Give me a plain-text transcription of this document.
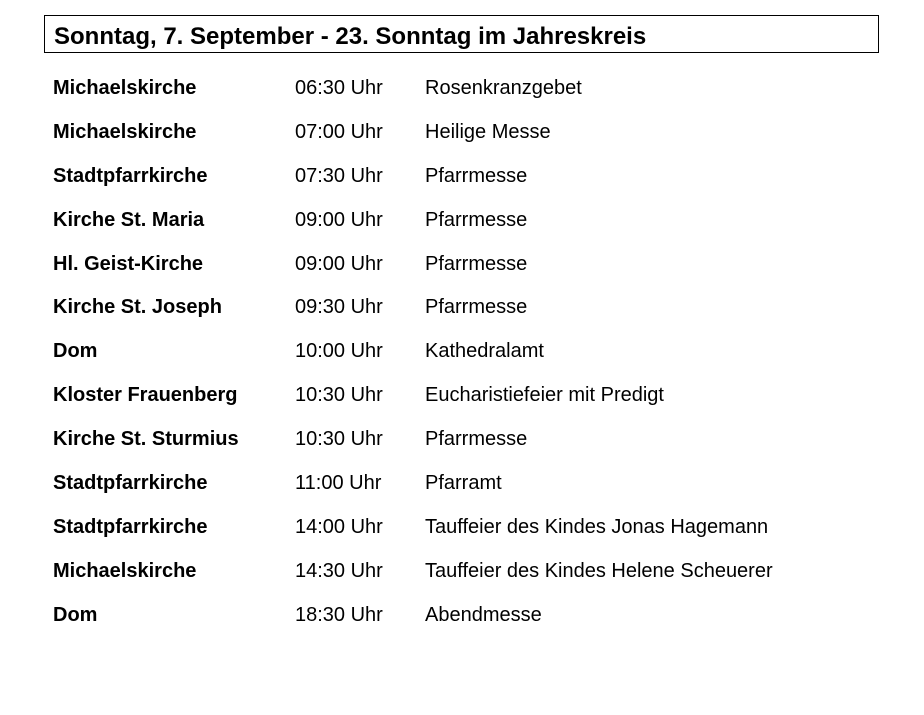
Sonntag, 7. September - 23. Sonntag im Jahreskreis
Michaelskirche	06:30 Uhr Rosenkranzgebet
Michaelskirche	07:00 Uhr Heilige Messe
Stadtpfarrkirche	07:30 Uhr Pfarrmesse
Kirche St. Maria	09:00 Uhr Pfarrmesse
Hl. Geist-Kirche	09:00 Uhr Pfarrmesse
Kirche St. Joseph	09:30 Uhr Pfarrmesse
Dom	10:00 Uhr Kathedralamt
Kloster Frauenberg	10:30 Uhr Eucharistiefeier mit Predigt
Kirche St. Sturmius	10:30 Uhr Pfarrmesse
Stadtpfarrkirche	11:00 Uhr Pfarramt
Stadtpfarrkirche	14:00 Uhr Tauffeier des Kindes Jonas Hagemann
Michaelskirche	14:30 Uhr Tauffeier des Kindes Helene Scheuerer
Dom	18:30 Uhr Abendmesse
